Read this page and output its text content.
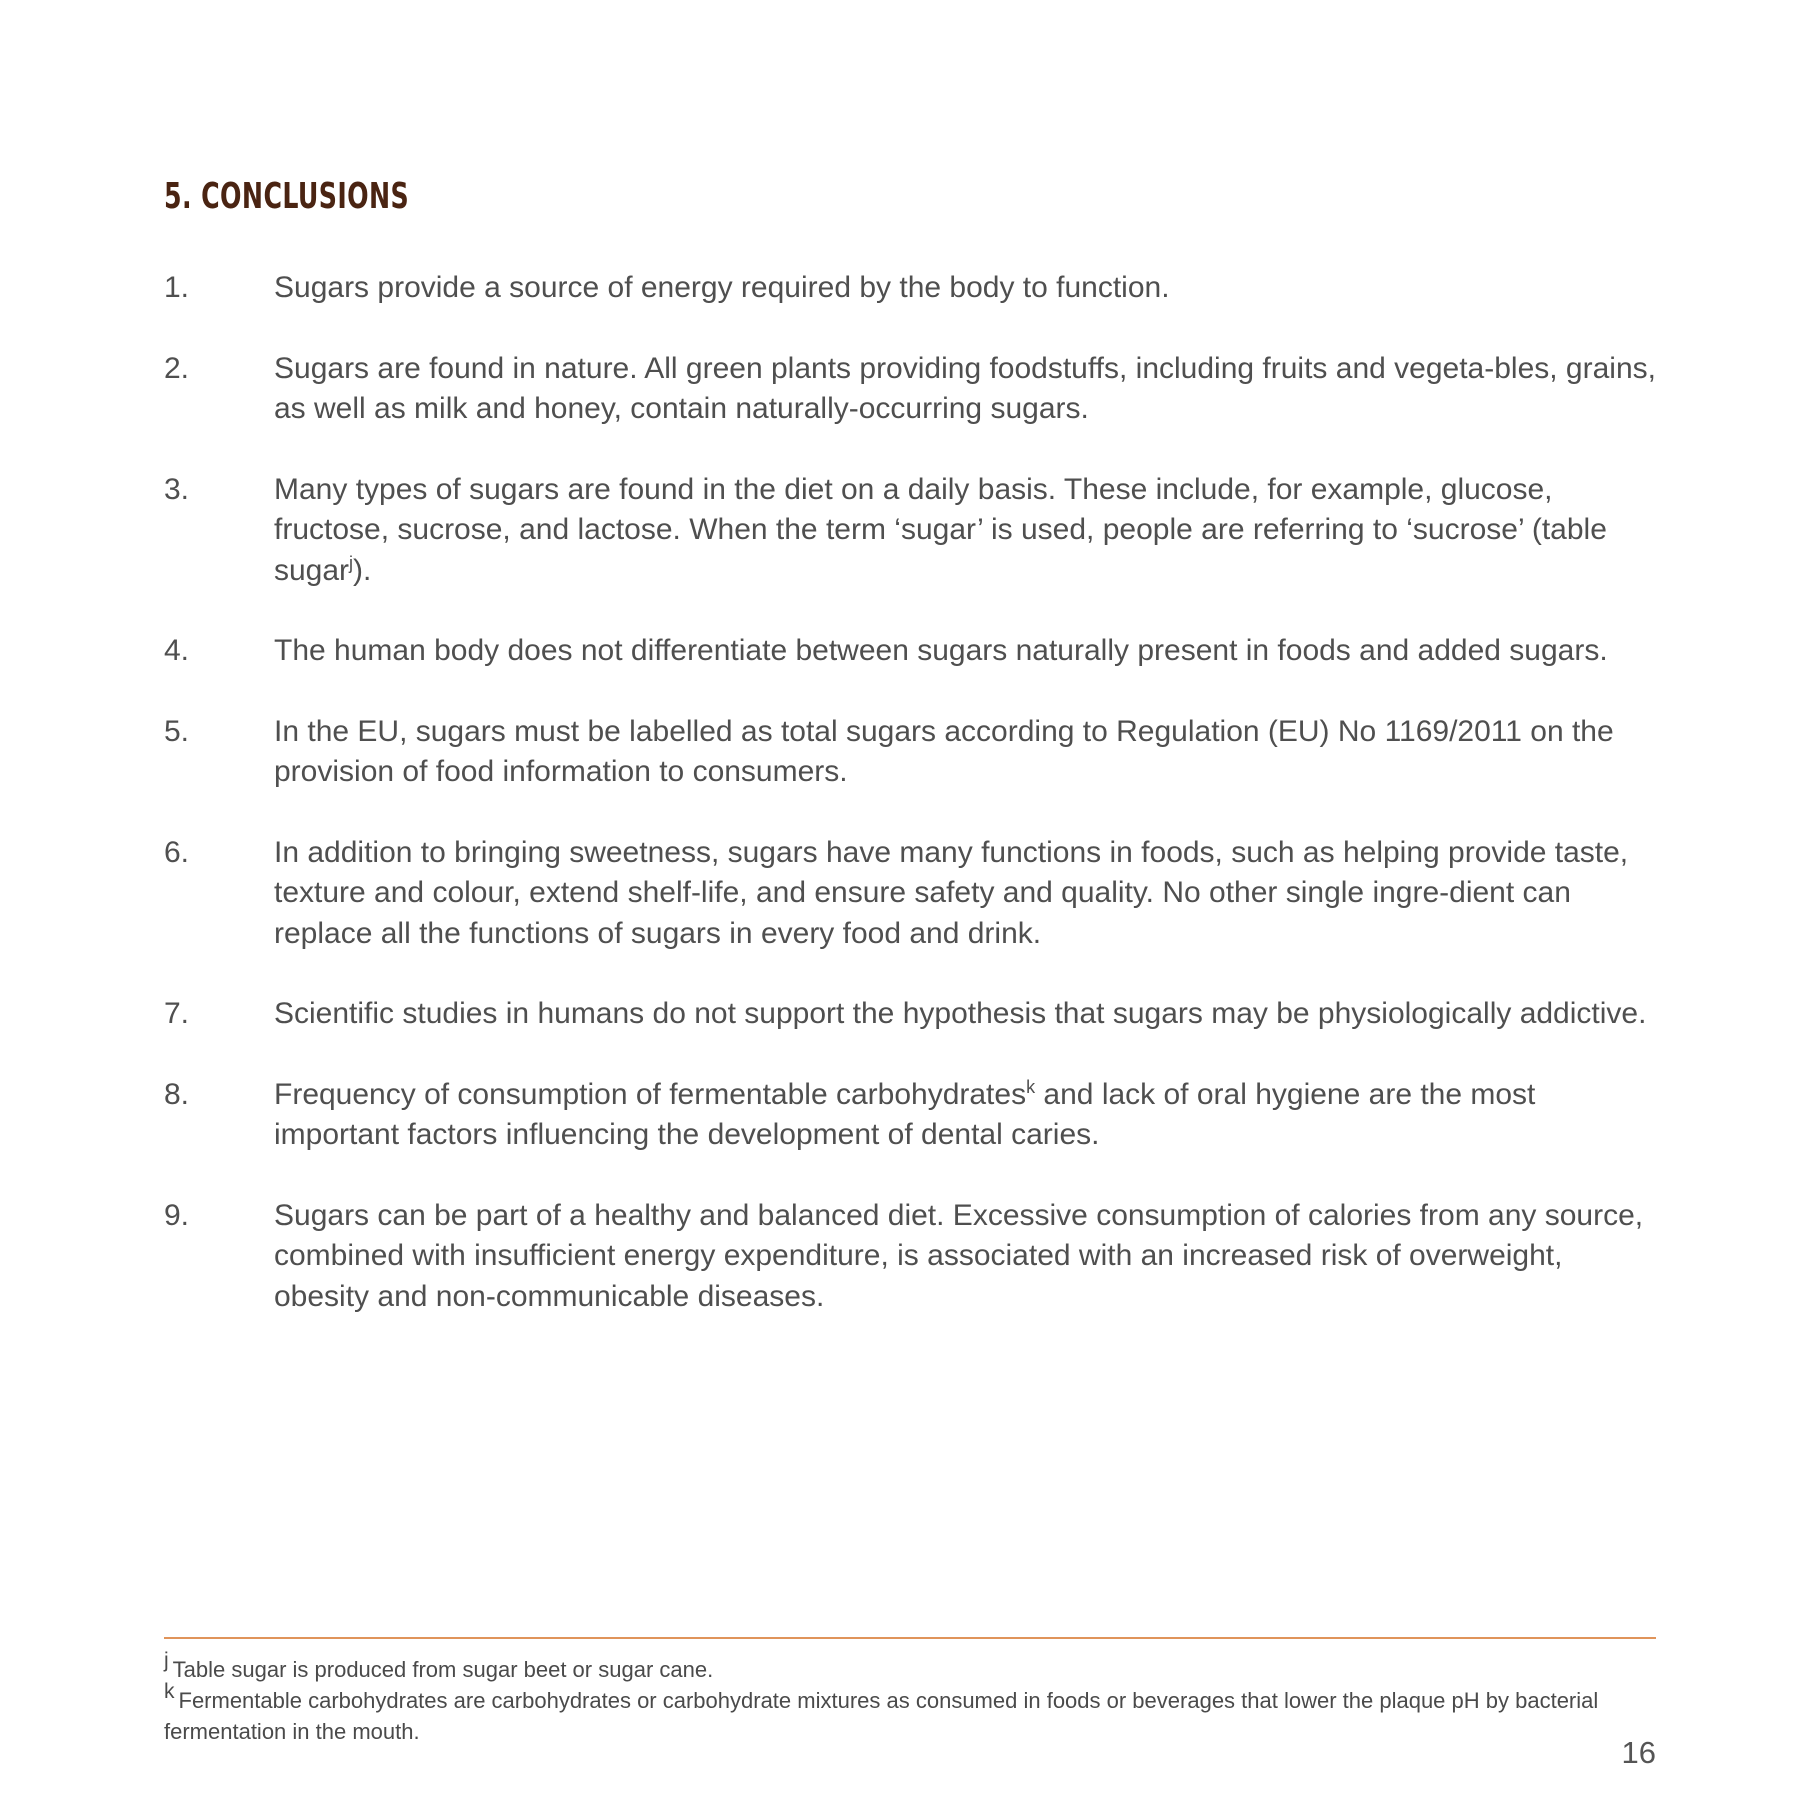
5. CONCLUSIONS
1.	Sugars provide a source of energy required by the body to function.
2.	Sugars are found in nature. All green plants providing foodstuffs, including fruits and vegeta-bles, grains, as well as milk and honey, contain naturally-occurring sugars.
3.	Many types of sugars are found in the diet on a daily basis. These include, for example, glucose, fructose, sucrose, and lactose. When the term ‘sugar’ is used, people are referring to ‘sucrose’ (table sugar$^j$).
4.	The human body does not differentiate between sugars naturally present in foods and added sugars.
5.	In the EU, sugars must be labelled as total sugars according to Regulation (EU) No 1169/2011 on the provision of food information to consumers.
6.	In addition to bringing sweetness, sugars have many functions in foods, such as helping provide taste, texture and colour, extend shelf-life, and ensure safety and quality. No other single ingre-dient can replace all the functions of sugars in every food and drink.
7.	Scientific studies in humans do not support the hypothesis that sugars may be physiologically addictive.
8.	Frequency of consumption of fermentable carbohydrates$^k$ and lack of oral hygiene are the most important factors influencing the development of dental caries.
9.	Sugars can be part of a healthy and balanced diet. Excessive consumption of calories from any source, combined with insufficient energy expenditure, is associated with an increased risk of overweight, obesity and non-communicable diseases.
j Table sugar is produced from sugar beet or sugar cane.
k Fermentable carbohydrates are carbohydrates or carbohydrate mixtures as consumed in foods or beverages that lower the plaque pH by bacterial fermentation in the mouth.
16
